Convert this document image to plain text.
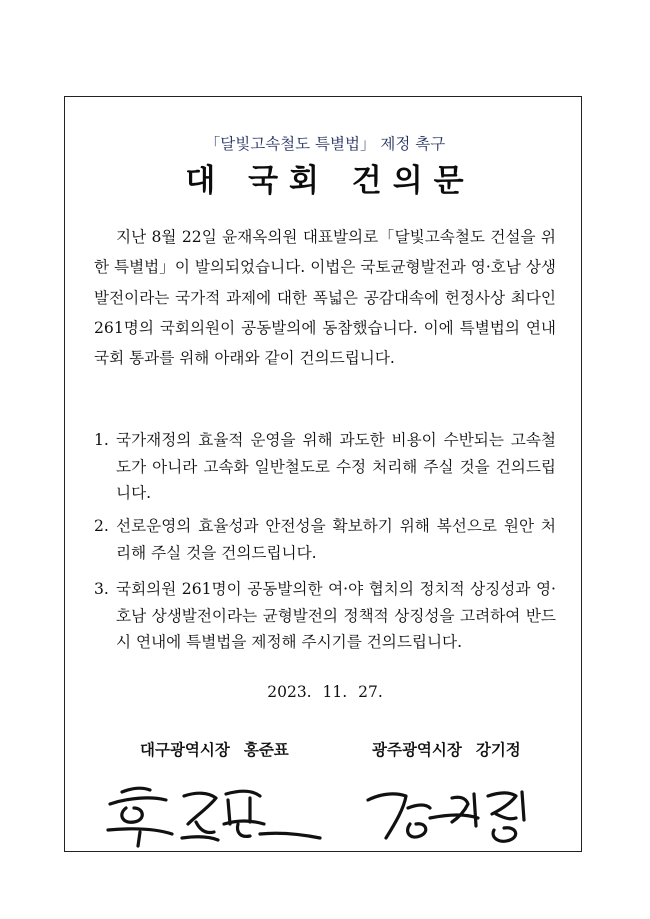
「달빛고속철도 특별법」 제정 촉구
대 국회 건의문

지난 8월 22일 윤재옥의원 대표발의로「달빛고속철도 건설을 위한 특별법」이 발의되었습니다. 이법은 국토균형발전과 영·호남 상생발전이라는 국가적 과제에 대한 폭넓은 공감대속에 헌정사상 최다인 261명의 국회의원이 공동발의에 동참했습니다. 이에 특별법의 연내 국회 통과를 위해 아래와 같이 건의드립니다.

1. 국가재정의 효율적 운영을 위해 과도한 비용이 수반되는 고속철도가 아니라 고속화 일반철도로 수정 처리해 주실 것을 건의드립니다.
2. 선로운영의 효율성과 안전성을 확보하기 위해 복선으로 원안 처리해 주실 것을 건의드립니다.
3. 국회의원 261명이 공동발의한 여·야 협치의 정치적 상징성과 영·호남 상생발전이라는 균형발전의 정책적 상징성을 고려하여 반드시 연내에 특별법을 제정해 주시기를 건의드립니다.
2023. 11. 27.
대구광역시장 홍준표	광주광역시장 강기정
